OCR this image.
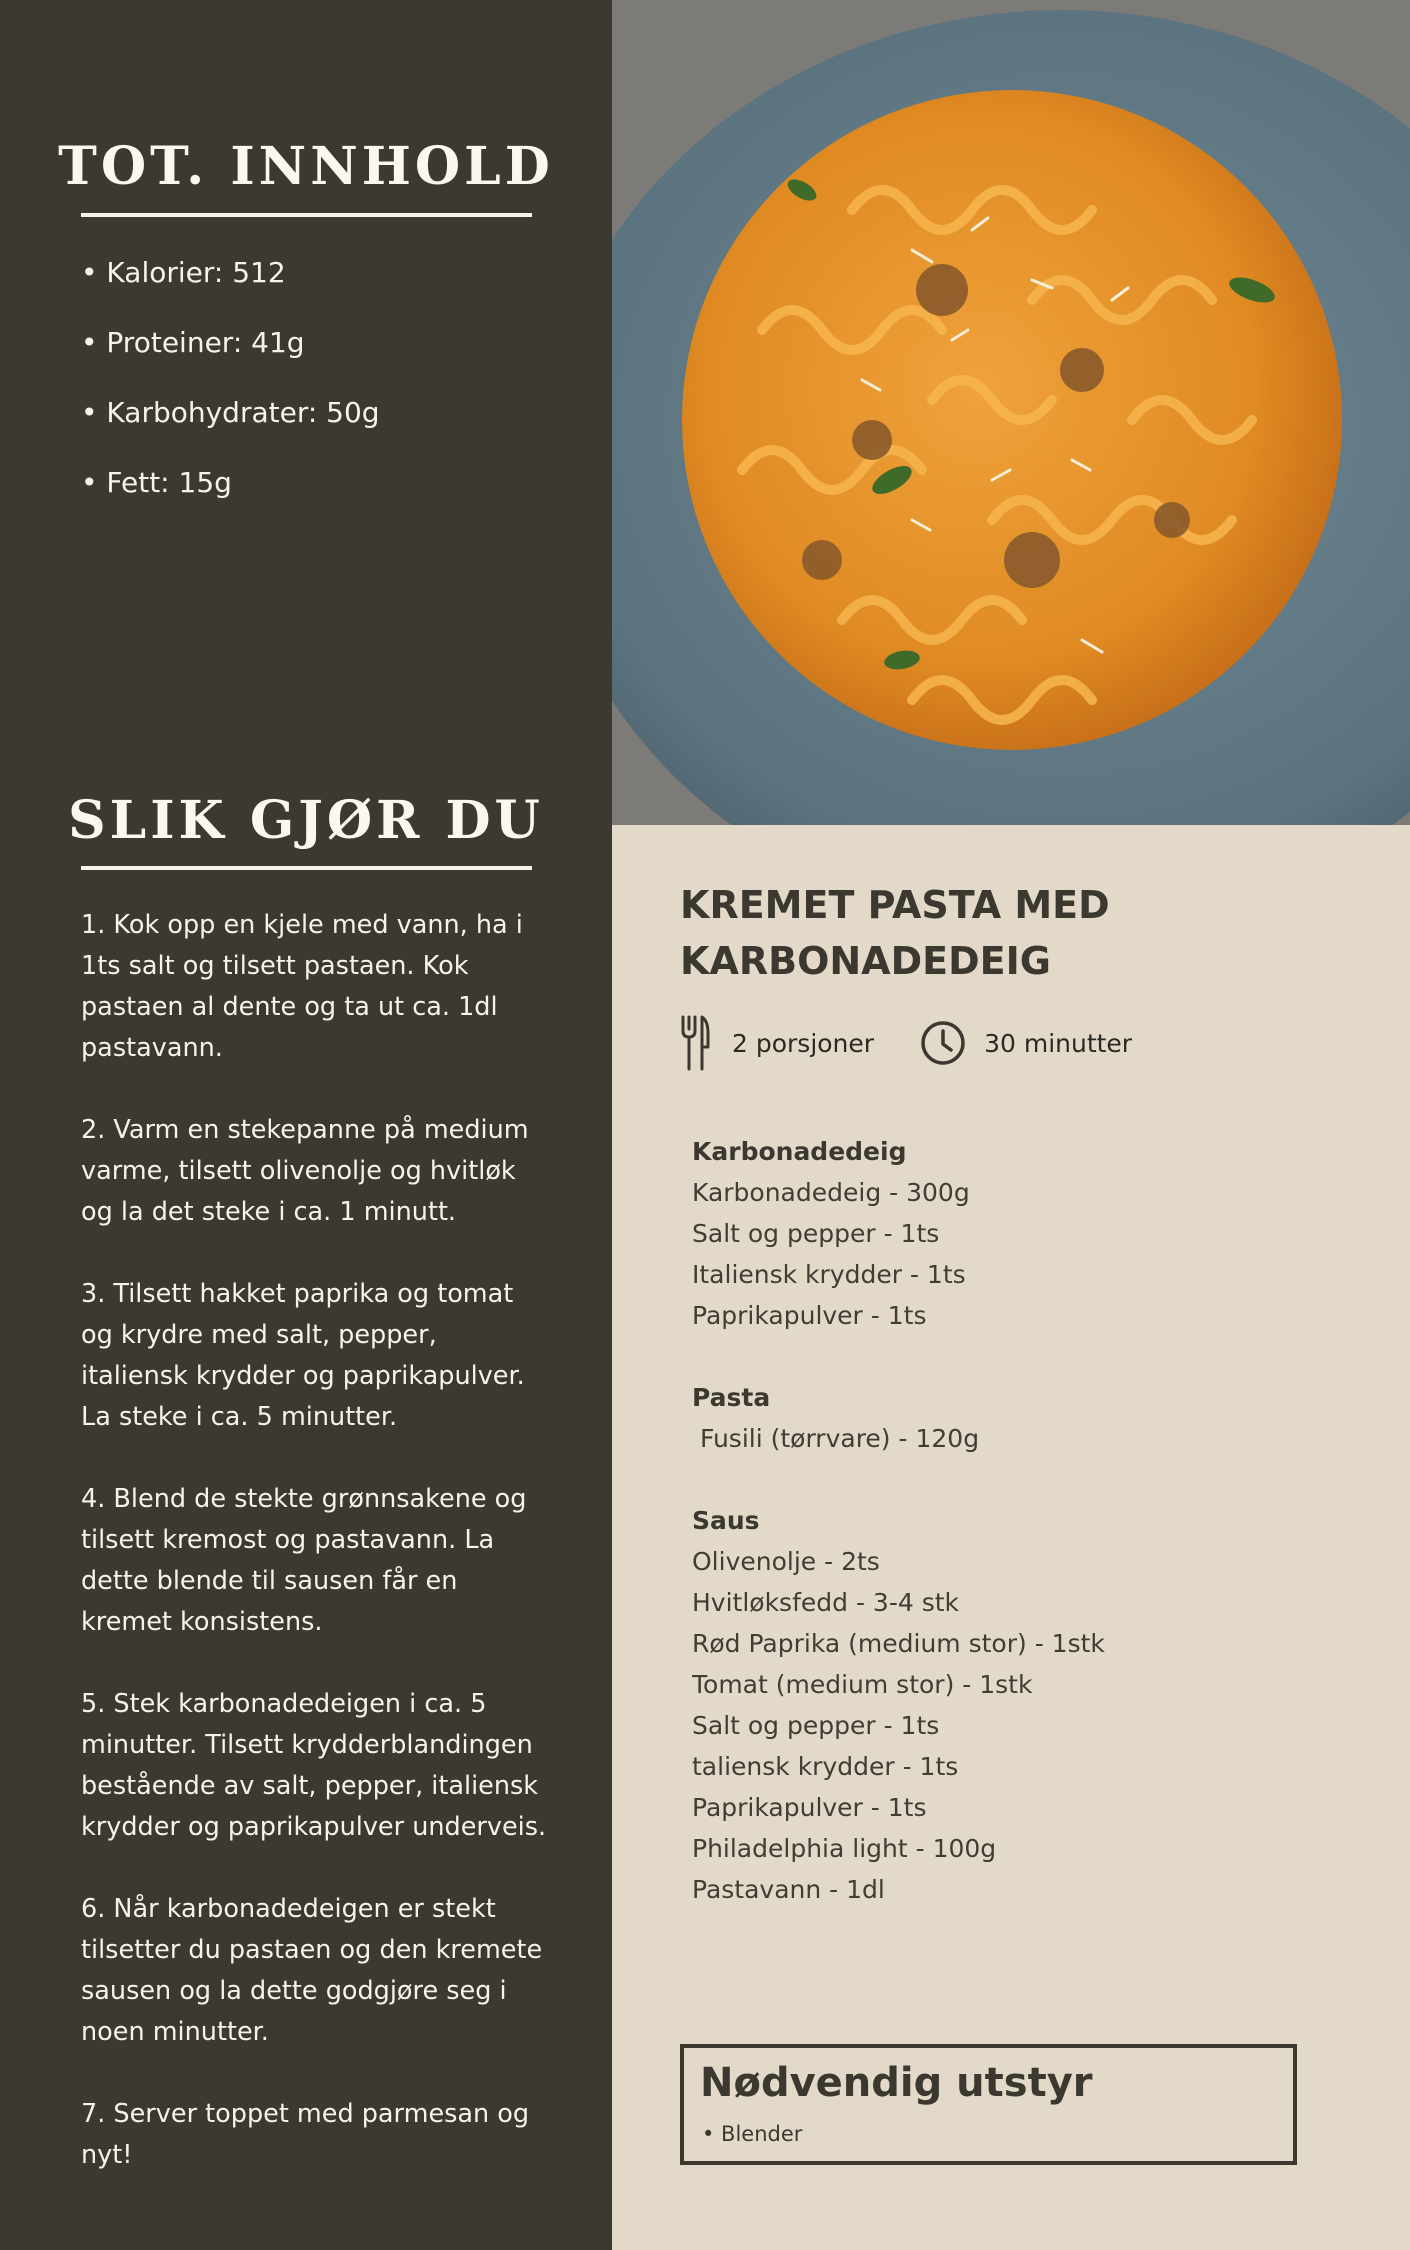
TOT. INNHOLD
• Kalorier: 512
• Proteiner: 41g
• Karbohydrater: 50g
• Fett: 15g
SLIK GJØR DU

1. Kok opp en kjele med vann, ha i 1ts salt og tilsett pastaen. Kok pastaen al dente og ta ut ca. 1dl pastavann.

2. Varm en stekepanne på medium varme, tilsett olivenolje og hvitløk og la det steke i ca. 1 minutt.

3. Tilsett hakket paprika og tomat og krydre med salt, pepper, italiensk krydder og paprikapulver. La steke i ca. 5 minutter.

4. Blend de stekte grønnsakene og tilsett kremost og pastavann. La dette blende til sausen får en kremet konsistens.

5. Stek karbonadedeigen i ca. 5 minutter. Tilsett krydderblandingen bestående av salt, pepper, italiensk krydder og paprikapulver underveis.

6. Når karbonadedeigen er stekt tilsetter du pastaen og den kremete sausen og la dette godgjøre seg i noen minutter.

7. Server toppet med parmesan og nyt!

KREMET PASTA MED
KARBONADEDEIG
2 porsjoner	30 minutter
Karbonadedeig
Karbonadedeig - 300g
Salt og pepper - 1ts
Italiensk krydder - 1ts
Paprikapulver - 1ts
Pasta
Fusili (tørrvare) - 120g
Saus
Olivenolje - 2ts
Hvitløksfedd - 3-4 stk
Rød Paprika (medium stor) - 1stk
Tomat (medium stor) - 1stk
Salt og pepper - 1ts
taliensk krydder - 1ts
Paprikapulver - 1ts
Philadelphia light - 100g
Pastavann - 1dl
Nødvendig utstyr
• Blender
